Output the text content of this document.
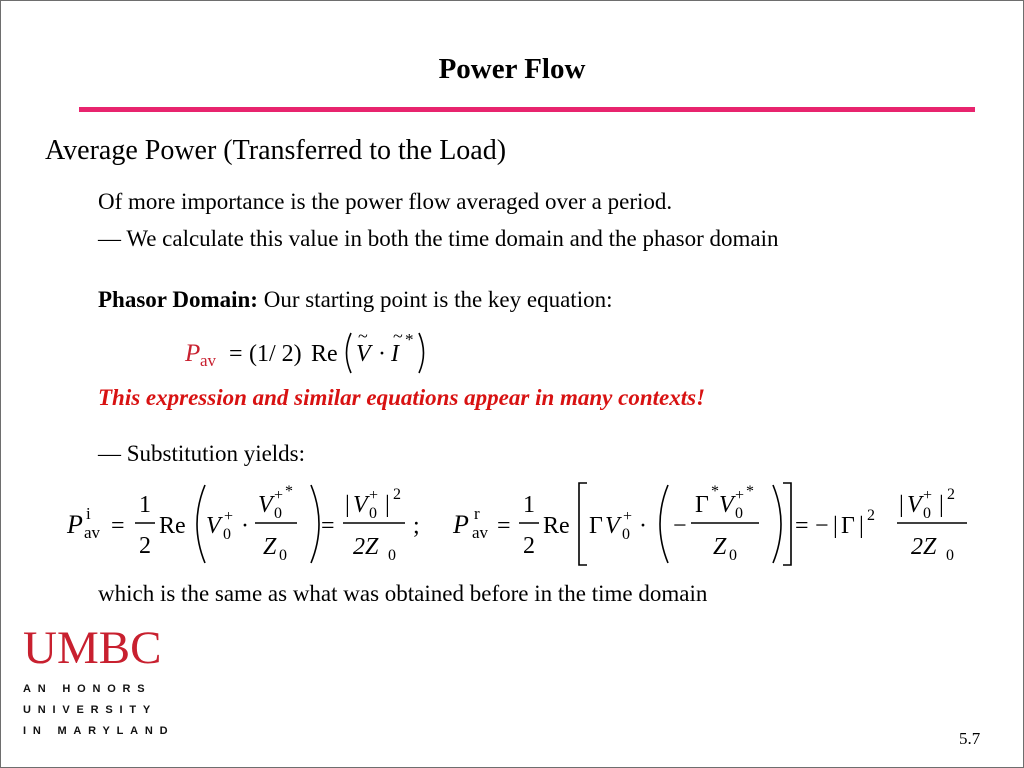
Power Flow
Average Power (Transferred to the Load)
Of more importance is the power flow averaged over a period.
— We calculate this value in both the time domain and the phasor domain
Phasor Domain: Our starting point is the key equation:
P av = (1/ 2) Re
~
V ·
~
I
*
This expression and similar equations appear in many contexts!
— Substitution yields:
P i
av =
1
2
Re V 0
+ ·
V 0
+ *
Z 0
=
| V 0
+ | 2
2Z 0
; P r
av =
1
2
Re Γ V 0
+ · −
Γ
*
V 0
+ *
Z 0
= − | Γ | 2 | V 0
+ | 2
2Z 0
which is the same as what was obtained before in the time domain
UMBC
AN HONORS
UNIVERSITY
IN MARYLAND	5.7
